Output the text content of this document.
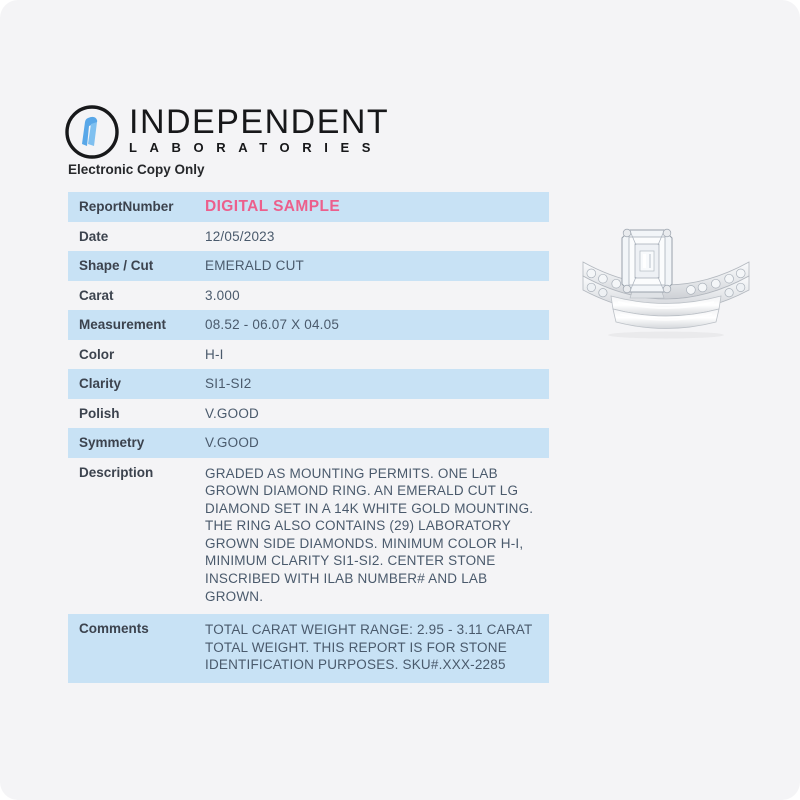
INDEPENDENT
LABORATORIES
Electronic Copy Only
ReportNumber	DIGITAL SAMPLE
Date	12/05/2023
Shape / Cut	EMERALD CUT
Carat	3.000
Measurement	08.52 - 06.07 X 04.05
Color	H-I
Clarity	SI1-SI2
Polish	V.GOOD
Symmetry	V.GOOD
Description	GRADED AS MOUNTING PERMITS. ONE LAB GROWN DIAMOND RING. AN EMERALD CUT LG DIAMOND SET IN A 14K WHITE GOLD MOUNTING. THE RING ALSO CONTAINS (29) LABORATORY GROWN SIDE DIAMONDS. MINIMUM COLOR H-I, MINIMUM CLARITY SI1-SI2. CENTER STONE INSCRIBED WITH ILAB NUMBER# AND LAB GROWN.
Comments	TOTAL CARAT WEIGHT RANGE: 2.95 - 3.11 CARAT TOTAL WEIGHT. THIS REPORT IS FOR STONE IDENTIFICATION PURPOSES. SKU#.XXX-2285
